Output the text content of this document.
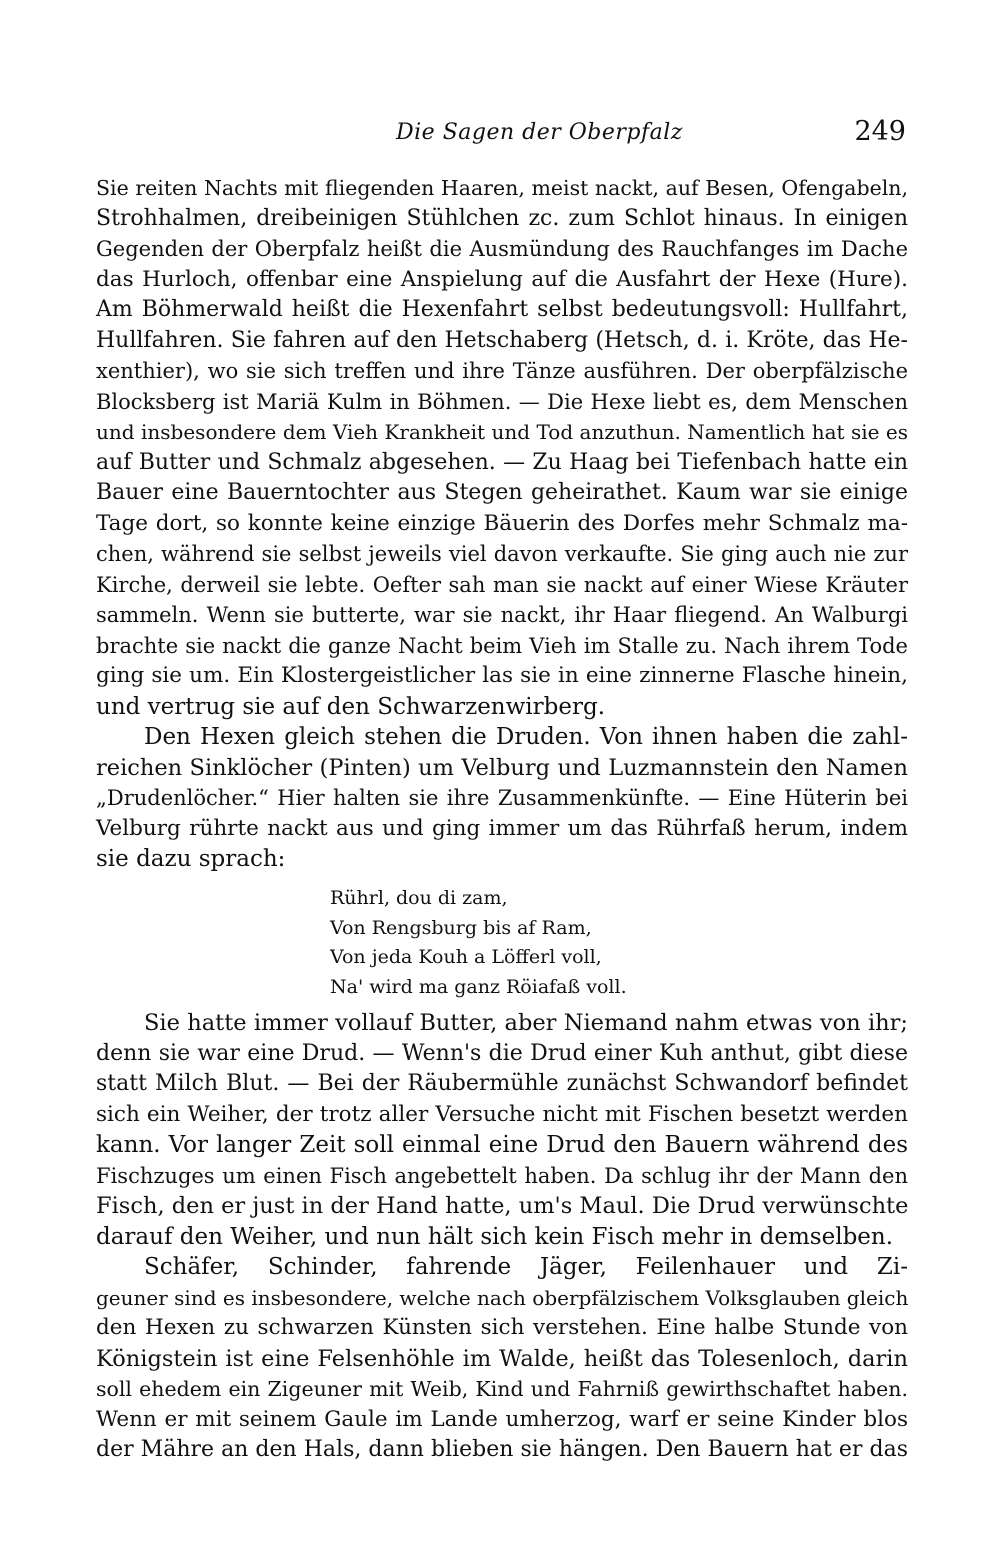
Die Sagen der Oberpfalz	249
Sie reiten Nachts mit fliegenden Haaren, meist nackt, auf Besen, Ofengabeln,
Strohhalmen, dreibeinigen Stühlchen zc. zum Schlot hinaus. In einigen
Gegenden der Oberpfalz heißt die Ausmündung des Rauchfanges im Dache
das Hurloch, offenbar eine Anspielung auf die Ausfahrt der Hexe (Hure).
Am Böhmerwald heißt die Hexenfahrt selbst bedeutungsvoll: Hullfahrt,
Hullfahren. Sie fahren auf den Hetschaberg (Hetsch, d. i. Kröte, das He-
xenthier), wo sie sich treffen und ihre Tänze ausführen. Der oberpfälzische
Blocksberg ist Mariä Kulm in Böhmen. — Die Hexe liebt es, dem Menschen
und insbesondere dem Vieh Krankheit und Tod anzuthun. Namentlich hat sie es
auf Butter und Schmalz abgesehen. — Zu Haag bei Tiefenbach hatte ein
Bauer eine Bauerntochter aus Stegen geheirathet. Kaum war sie einige
Tage dort, so konnte keine einzige Bäuerin des Dorfes mehr Schmalz ma-
chen, während sie selbst jeweils viel davon verkaufte. Sie ging auch nie zur
Kirche, derweil sie lebte. Oefter sah man sie nackt auf einer Wiese Kräuter
sammeln. Wenn sie butterte, war sie nackt, ihr Haar fliegend. An Walburgi
brachte sie nackt die ganze Nacht beim Vieh im Stalle zu. Nach ihrem Tode
ging sie um. Ein Klostergeistlicher las sie in eine zinnerne Flasche hinein,
und vertrug sie auf den Schwarzenwirberg.
Den Hexen gleich stehen die Druden. Von ihnen haben die zahl-
reichen Sinklöcher (Pinten) um Velburg und Luzmannstein den Namen
„Drudenlöcher.“ Hier halten sie ihre Zusammenkünfte. — Eine Hüterin bei
Velburg rührte nackt aus und ging immer um das Rührfaß herum, indem
sie dazu sprach:
Rührl, dou di zam,
Von Rengsburg bis af Ram,
Von jeda Kouh a Löfferl voll,
Na' wird ma ganz Röiafaß voll.
Sie hatte immer vollauf Butter, aber Niemand nahm etwas von ihr;
denn sie war eine Drud. — Wenn's die Drud einer Kuh anthut, gibt diese
statt Milch Blut. — Bei der Räubermühle zunächst Schwandorf befindet
sich ein Weiher, der trotz aller Versuche nicht mit Fischen besetzt werden
kann. Vor langer Zeit soll einmal eine Drud den Bauern während des
Fischzuges um einen Fisch angebettelt haben. Da schlug ihr der Mann den
Fisch, den er just in der Hand hatte, um's Maul. Die Drud verwünschte
darauf den Weiher, und nun hält sich kein Fisch mehr in demselben.
Schäfer, Schinder, fahrende Jäger, Feilenhauer und Zi-
geuner sind es insbesondere, welche nach oberpfälzischem Volksglauben gleich
den Hexen zu schwarzen Künsten sich verstehen. Eine halbe Stunde von
Königstein ist eine Felsenhöhle im Walde, heißt das Tolesenloch, darin
soll ehedem ein Zigeuner mit Weib, Kind und Fahrniß gewirthschaftet haben.
Wenn er mit seinem Gaule im Lande umherzog, warf er seine Kinder blos
der Mähre an den Hals, dann blieben sie hängen. Den Bauern hat er das
